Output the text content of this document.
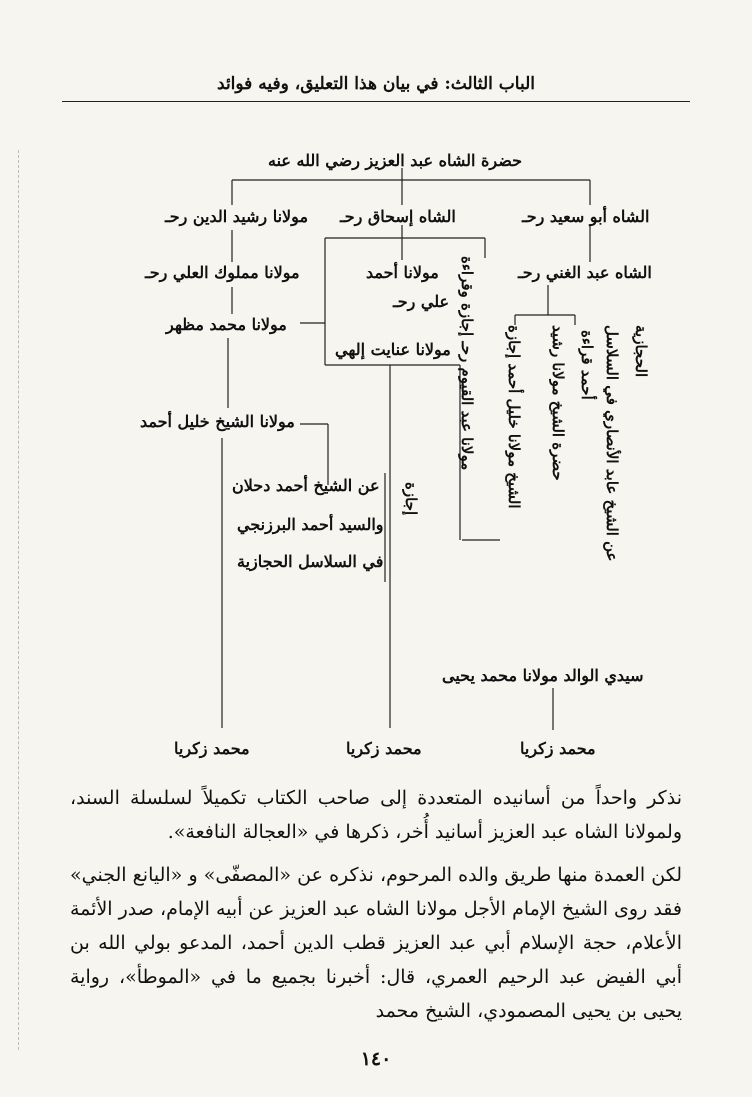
الباب الثالث: في بيان هذا التعليق، وفيه فوائد
حضرة الشاه عبد العزيز رضي الله عنه
الشاه أبو سعيد رحـ
الشاه إسحاق رحـ
مولانا رشيد الدين رحـ
الشاه عبد الغني رحـ
مولانا أحمد
علي رحـ
مولانا مملوك العلي رحـ
مولانا محمد مظهر
مولانا عنايت إلهي
مولانا الشيخ خليل أحمد
عن الشيخ أحمد دحلان
والسيد أحمد البرزنجي
في السلاسل الحجازية
إجازة
مولانا عبد القيوم رحـ إجازة وقراءة الشيخ مولانا خليل أحمد إجازة حضرة الشيخ مولانا رشيد أحمد قراءة عن الشيخ عابد الأنصاري في السلاسل الحجازية
سيدي الوالد مولانا محمد يحيى
محمد زكريا	محمد زكريا	محمد زكريا
نذكر واحداً من أسانيده المتعددة إلى صاحب الكتاب تكميلاً لسلسلة السند، ولمولانا الشاه عبد العزيز أسانيد أُخر، ذكرها في «العجالة النافعة».
لكن العمدة منها طريق والده المرحوم، نذكره عن «المصفّى» و «اليانع الجني» فقد روى الشيخ الإمام الأجل مولانا الشاه عبد العزيز عن أبيه الإمام، صدر الأئمة الأعلام، حجة الإسلام أبي عبد العزيز قطب الدين أحمد، المدعو بولي الله بن أبي الفيض عبد الرحيم العمري، قال: أخبرنا بجميع ما في «الموطأ»، رواية يحيى بن يحيى المصمودي، الشيخ محمد
١٤٠
